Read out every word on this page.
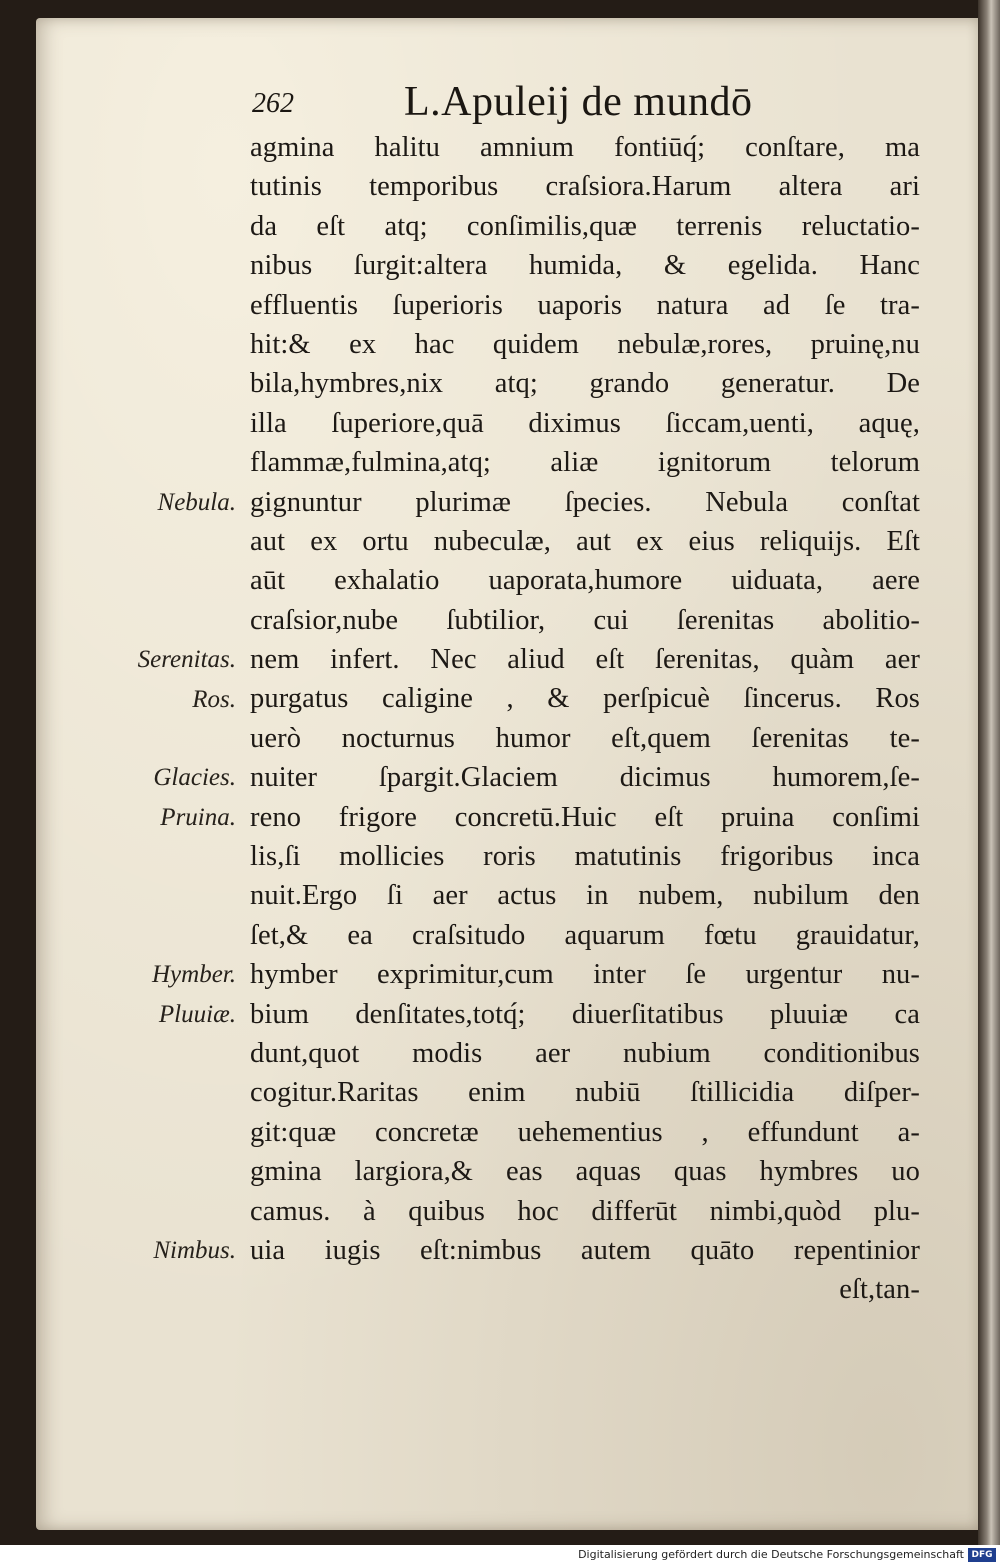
262	L.Apuleij de mundō
Nebula.
Serenitas.
Ros.
Glacies.
Pruina.
Hymber.
Pluuiæ.
Nimbus.
agmina halitu amnium fontiūq́; conſtare, ma
tutinis temporibus craſsiora.Harum altera ari
da eſt atq; conſimilis,quæ terrenis reluctatio-
nibus ſurgit:altera humida, & egelida. Hanc
effluentis ſuperioris uaporis natura ad ſe tra-
hit:& ex hac quidem nebulæ,rores, pruinę,nu
bila,hymbres,nix atq; grando generatur. De
illa ſuperiore,quā diximus ſiccam,uenti, aquę,
flammæ,fulmina,atq; aliæ ignitorum telorum
gignuntur plurimæ ſpecies. Nebula conſtat
aut ex ortu nubeculæ, aut ex eius reliquijs. Eſt
aūt exhalatio uaporata,humore uiduata, aere
craſsior,nube ſubtilior, cui ſerenitas abolitio-
nem infert. Nec aliud eſt ſerenitas, quàm aer
purgatus caligine , & perſpicuè ſincerus. Ros
uerò nocturnus humor eſt,quem ſerenitas te-
nuiter ſpargit.Glaciem dicimus humorem,ſe-
reno frigore concretū.Huic eſt pruina conſimi
lis,ſi mollicies roris matutinis frigoribus inca
nuit.Ergo ſi aer actus in nubem, nubilum den
ſet,& ea craſsitudo aquarum fœtu grauidatur,
hymber exprimitur,cum inter ſe urgentur nu-
bium denſitates,totq́; diuerſitatibus pluuiæ ca
dunt,quot modis aer nubium conditionibus
cogitur.Raritas enim nubiū ſtillicidia diſper-
git:quæ concretæ uehementius , effundunt a-
gmina largiora,& eas aquas quas hymbres uo
camus. à quibus hoc differūt nimbi,quòd plu-
uia iugis eſt:nimbus autem quāto repentinior
eſt,tan-
Digitalisierung gefördert durch die Deutsche Forschungsgemeinschaft DFG
